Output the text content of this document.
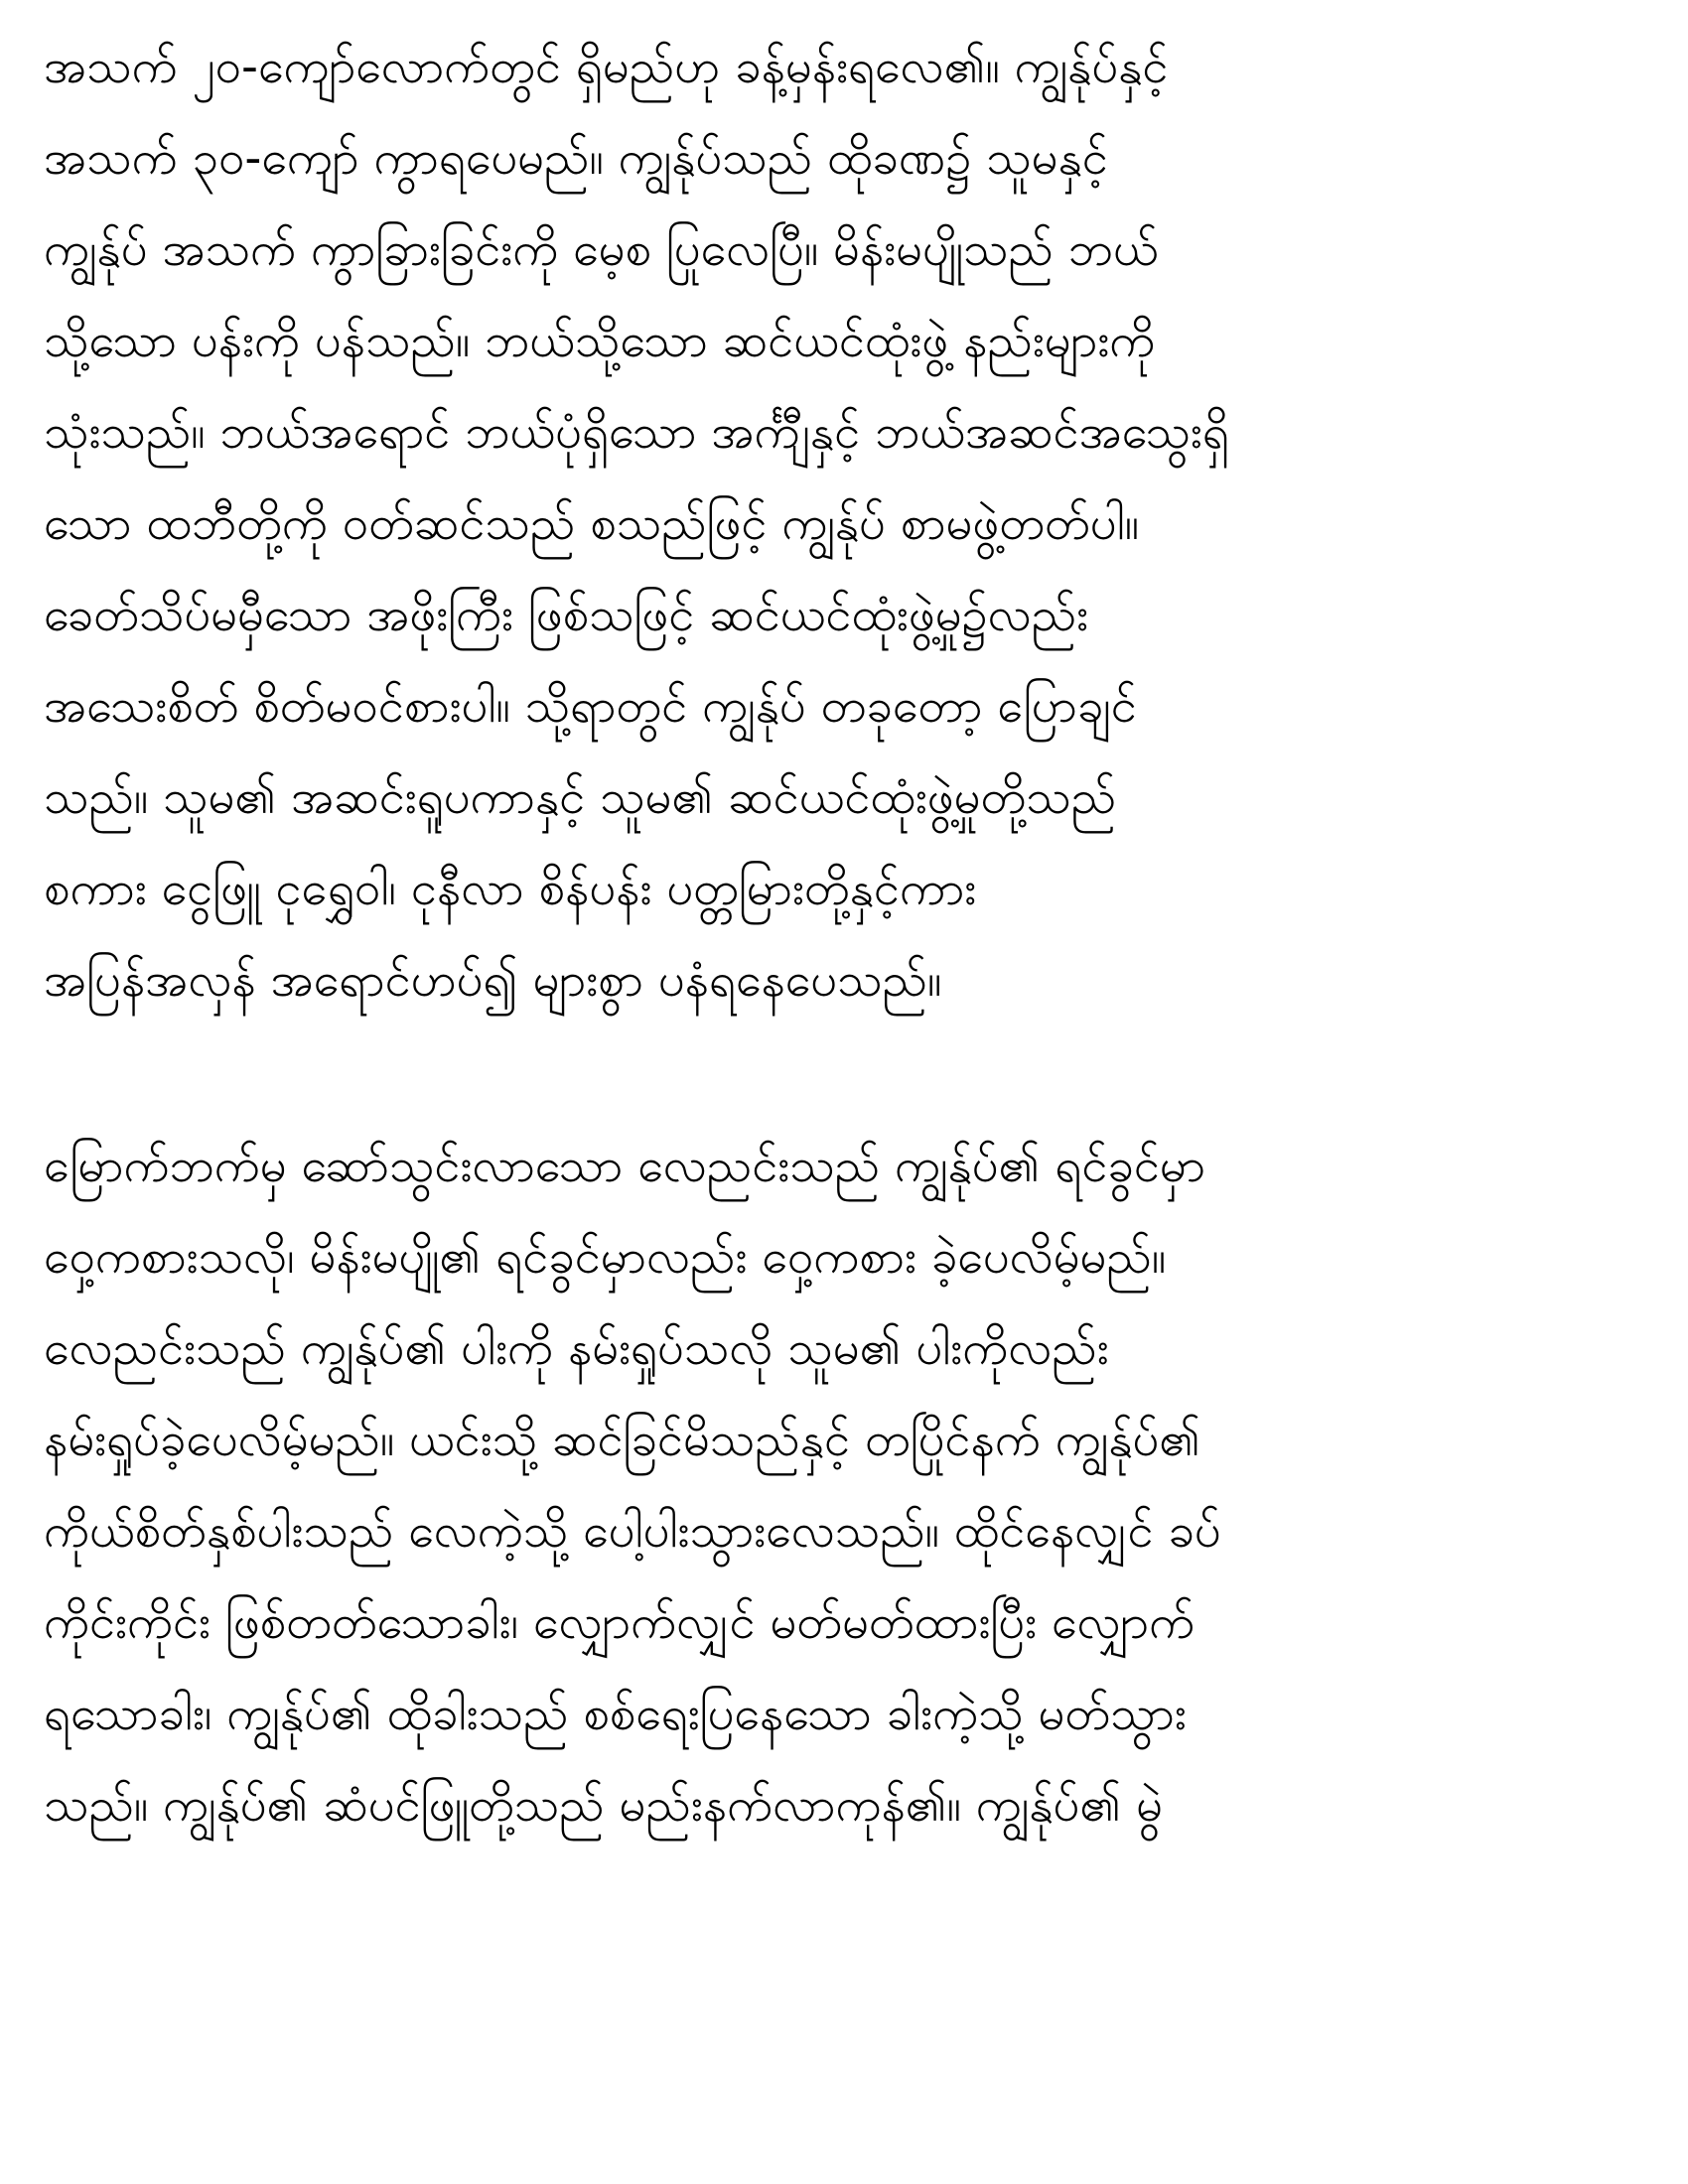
အသက် ၂၀-ကျော်လောက်တွင် ရှိမည်ဟု ခန့်မှန်းရလေ၏။ ကျွန်ုပ်နှင့်
အသက် ၃၀-ကျော် ကွာရပေမည်။ ကျွန်ုပ်သည် ထိုခဏ၌ သူမနှင့်
ကျွန်ုပ် အသက် ကွာခြားခြင်းကို မေ့စ ပြုလေပြီ။ မိန်းမပျိုသည် ဘယ်
သို့သော ပန်းကို ပန်သည်။ ဘယ်သို့သော ဆင်ယင်ထုံးဖွဲ့ နည်းများကို
သုံးသည်။ ဘယ်အရောင် ဘယ်ပုံရှိသော အင်္ကျီနှင့် ဘယ်အဆင်အသွေးရှိ
သော ထဘီတို့ကို ဝတ်ဆင်သည် စသည်ဖြင့် ကျွန်ုပ် စာမဖွဲ့တတ်ပါ။
ခေတ်သိပ်မမှီသော အဖိုးကြီး ဖြစ်သဖြင့် ဆင်ယင်ထုံးဖွဲ့မှု၌လည်း
အသေးစိတ် စိတ်မဝင်စားပါ။ သို့ရာတွင် ကျွန်ုပ် တခုတော့ ပြောချင်
သည်။ သူမ၏ အဆင်းရူပကာနှင့် သူမ၏ ဆင်ယင်ထုံးဖွဲ့မှုတို့သည်
စကား ငွေဖြူ ငုရွှေဝါ၊ ငုနီလာ စိန်ပန်း ပတ္တမြားတို့နှင့်ကား
အပြန်အလှန် အရောင်ဟပ်၍ များစွာ ပနံရနေပေသည်။
မြောက်ဘက်မှ ဆော်သွင်းလာသော လေညင်းသည် ကျွန်ုပ်၏ ရင်ခွင်မှာ
ဝှေ့ကစားသလို၊ မိန်းမပျို၏ ရင်ခွင်မှာလည်း ဝှေ့ကစား ခဲ့ပေလိမ့်မည်။
လေညင်းသည် ကျွန်ုပ်၏ ပါးကို နမ်းရှုပ်သလို သူမ၏ ပါးကိုလည်း
နမ်းရှုပ်ခဲ့ပေလိမ့်မည်။ ယင်းသို့ ဆင်ခြင်မိသည်နှင့် တပြိုင်နက် ကျွန်ုပ်၏
ကိုယ်စိတ်နှစ်ပါးသည် လေကဲ့သို့ ပေါ့ပါးသွားလေသည်။ ထိုင်နေလျှင် ခပ်
ကိုင်းကိုင်း ဖြစ်တတ်သောခါး၊ လျှောက်လျှင် မတ်မတ်ထားပြီး လျှောက်
ရသောခါး၊ ကျွန်ုပ်၏ ထိုခါးသည် စစ်ရေးပြနေသော ခါးကဲ့သို့ မတ်သွား
သည်။ ကျွန်ုပ်၏ ဆံပင်ဖြူတို့သည် မည်းနက်လာကုန်၏။ ကျွန်ုပ်၏ မွဲ
